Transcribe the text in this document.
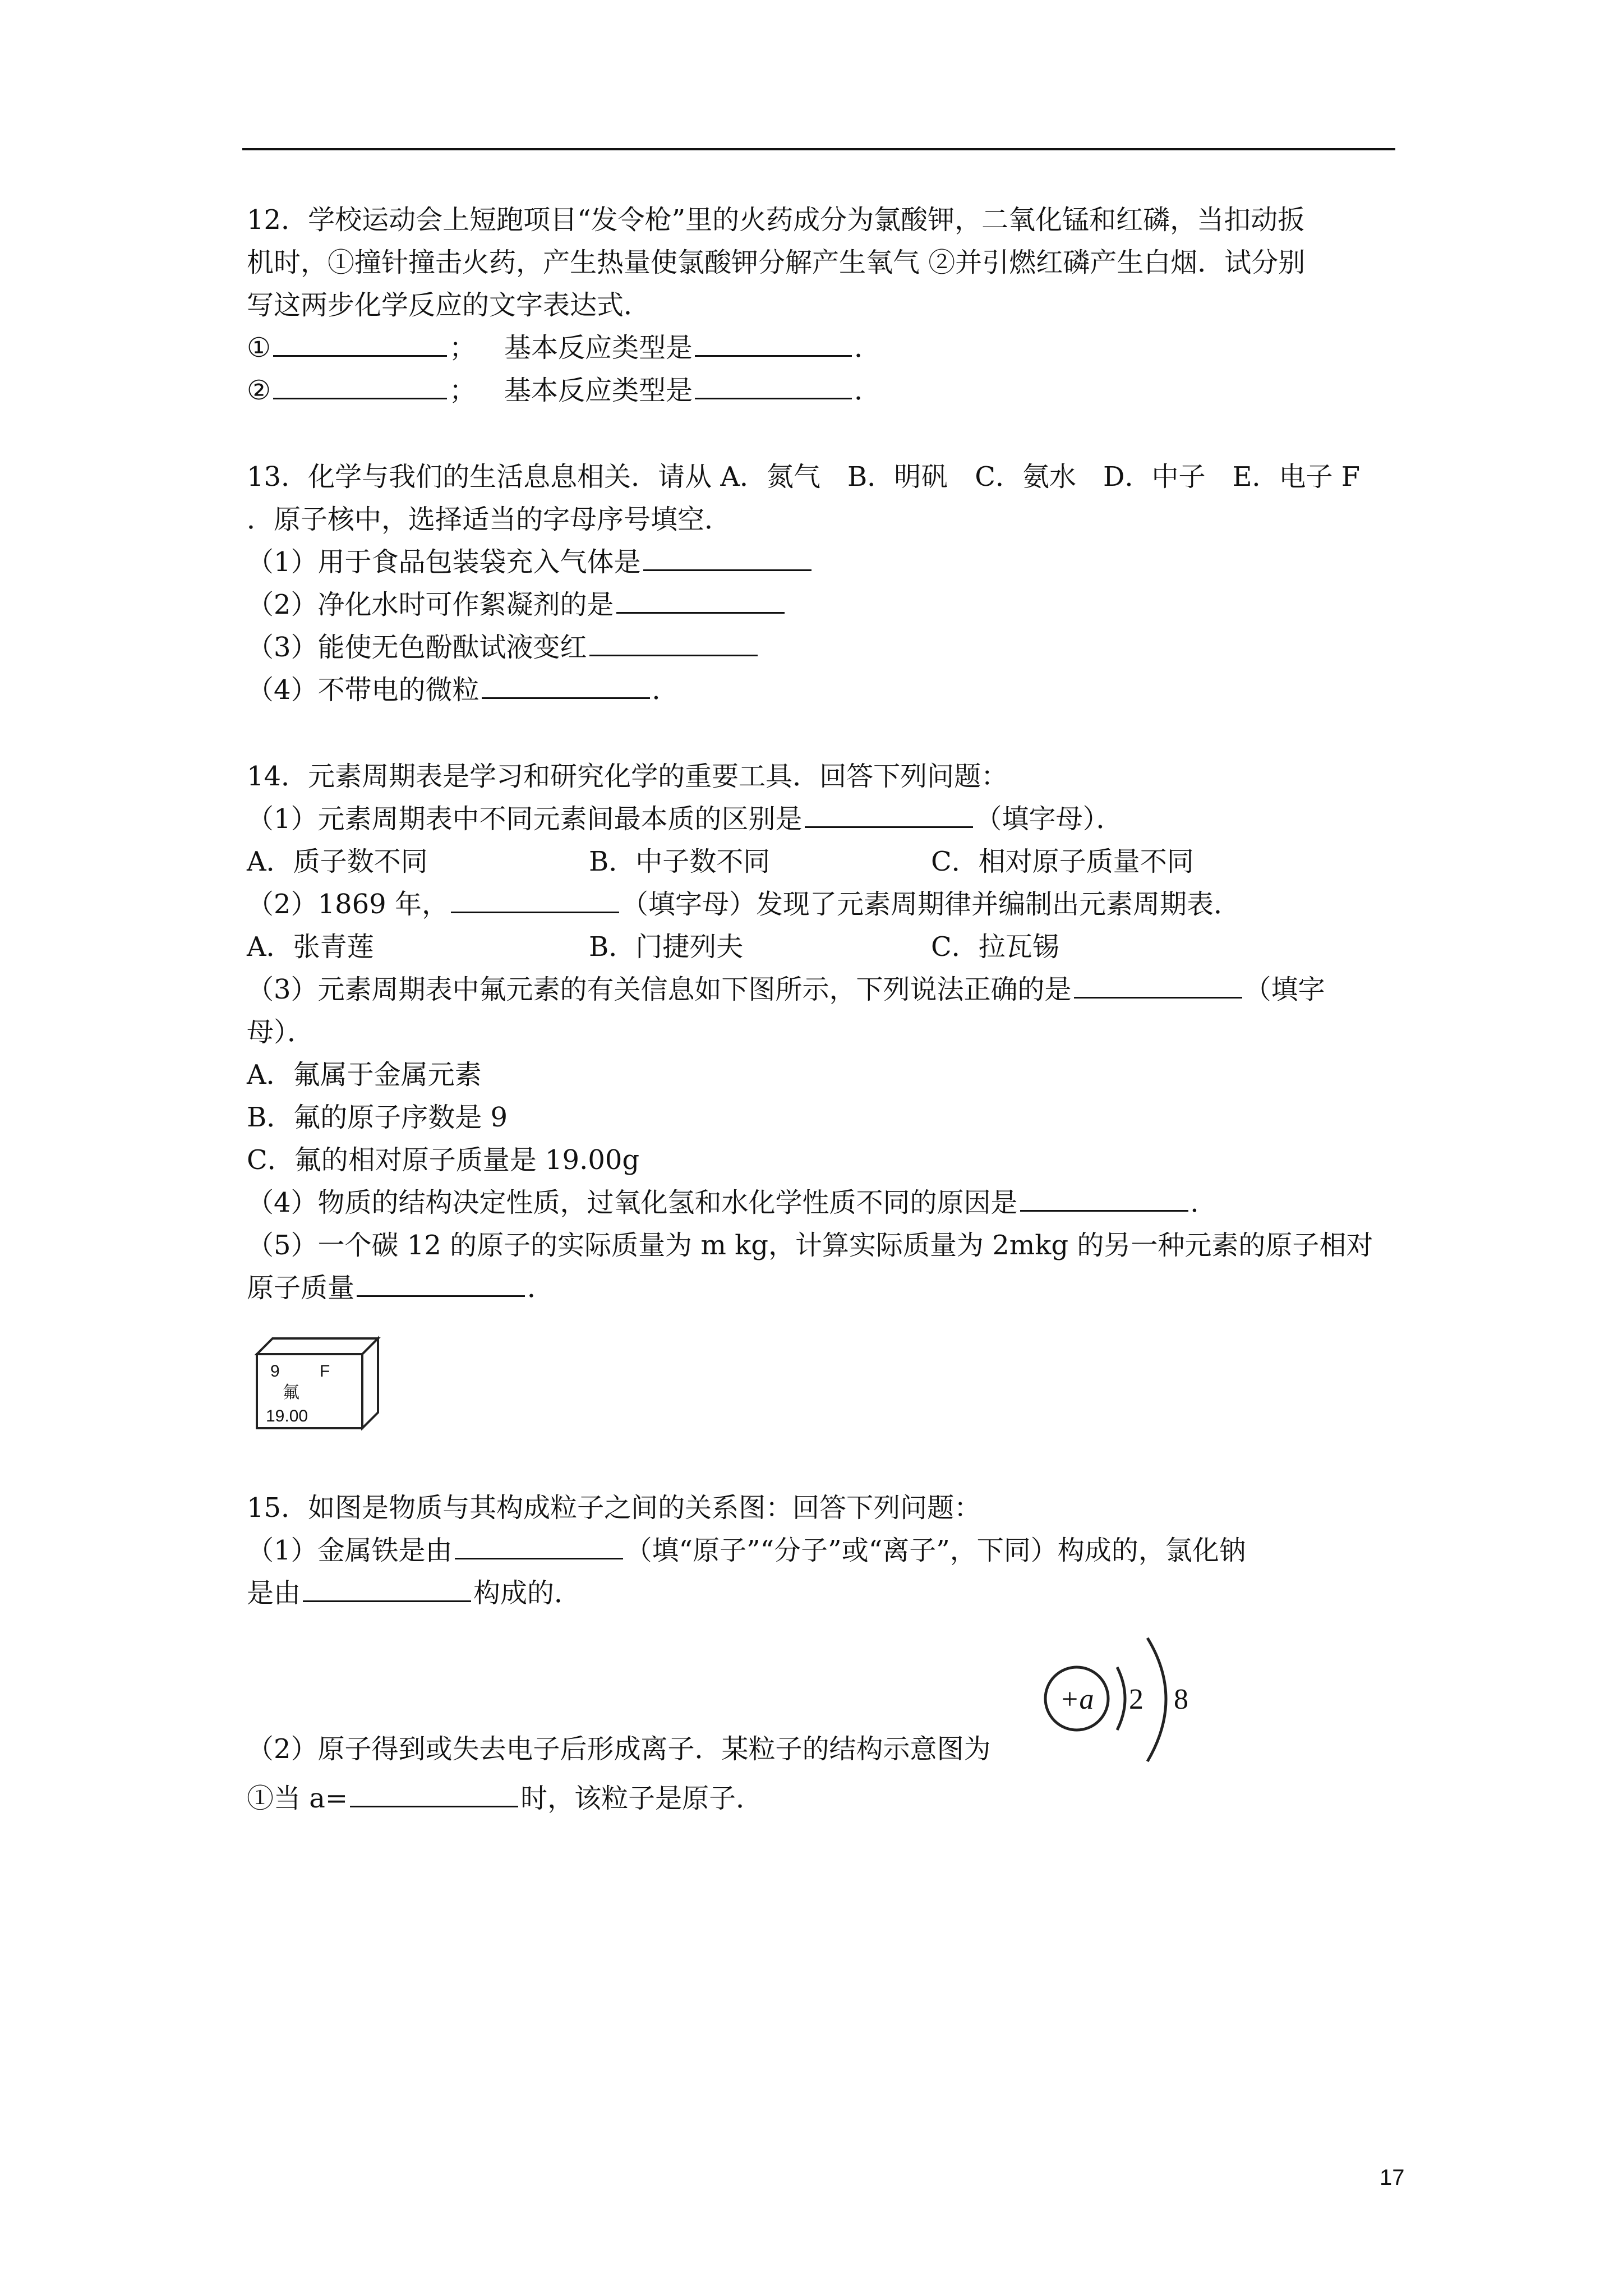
12．学校运动会上短跑项目“发令枪”里的火药成分为氯酸钾，二氧化锰和红磷，当扣动扳
机时，①撞针撞击火药，产生热量使氯酸钾分解产生氧气 ②并引燃红磷产生白烟．试分别
写这两步化学反应的文字表达式．
①	； 基本反应类型是	．
②	； 基本反应类型是	．
13．化学与我们的生活息息相关．请从 A．氮气　B．明矾　C．氨水　D．中子　E．电子 F
．原子核中，选择适当的字母序号填空．
（1）用于食品包装袋充入气体是
（2）净化水时可作絮凝剂的是
（3）能使无色酚酞试液变红
（4）不带电的微粒	．
14．元素周期表是学习和研究化学的重要工具．回答下列问题：
（1）元素周期表中不同元素间最本质的区别是	（填字母）．
A．质子数不同	B．中子数不同	C．相对原子质量不同
（2）1869 年，	（填字母）发现了元素周期律并编制出元素周期表．
A．张青莲	B．门捷列夫	C．拉瓦锡
（3）元素周期表中氟元素的有关信息如下图所示，下列说法正确的是	（填字
母）．
A．氟属于金属元素
B．氟的原子序数是 9
C．氟的相对原子质量是 19.00g
（4）物质的结构决定性质，过氧化氢和水化学性质不同的原因是	．
（5）一个碳 12 的原子的实际质量为 m kg，计算实际质量为 2mkg 的另一种元素的原子相对
原子质量	．
9 F
氟
19.00
15．如图是物质与其构成粒子之间的关系图：回答下列问题：
（1）金属铁是由	（填“原子”“分子”或“离子”，下同）构成的，氯化钠
是由	构成的．
+a 2 8
（2）原子得到或失去电子后形成离子．某粒子的结构示意图为
①当 a=	时，该粒子是原子．
17
